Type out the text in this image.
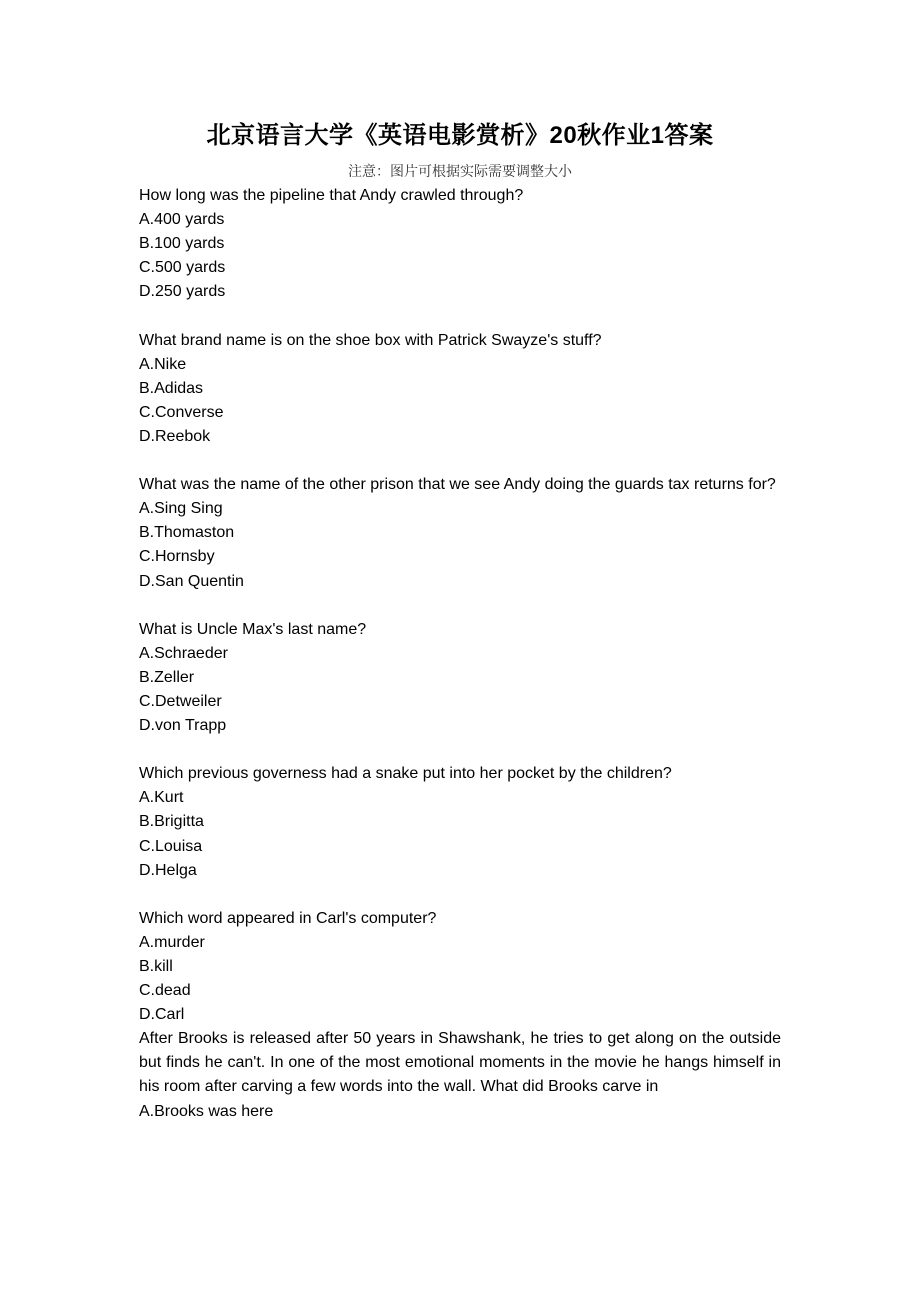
北京语言大学《英语电影赏析》20秋作业1答案
注意：图片可根据实际需要调整大小

How long was the pipeline that Andy crawled through?

A.400 yards

B.100 yards

C.500 yards

D.250 yards

What brand name is on the shoe box with Patrick Swayze's stuff?

A.Nike

B.Adidas

C.Converse

D.Reebok

What was the name of the other prison that we see Andy doing the guards tax returns for?

A.Sing Sing

B.Thomaston

C.Hornsby

D.San Quentin

What is Uncle Max's last name?

A.Schraeder

B.Zeller

C.Detweiler

D.von Trapp

Which previous governess had a snake put into her pocket by the children?

A.Kurt

B.Brigitta

C.Louisa

D.Helga

Which word appeared in Carl's computer?

A.murder

B.kill

C.dead

D.Carl

After Brooks is released after 50 years in Shawshank, he tries to get along on the outside but finds he can't. In one of the most emotional moments in the movie he hangs himself in his room after carving a few words into the wall. What did Brooks carve in

A.Brooks was here
